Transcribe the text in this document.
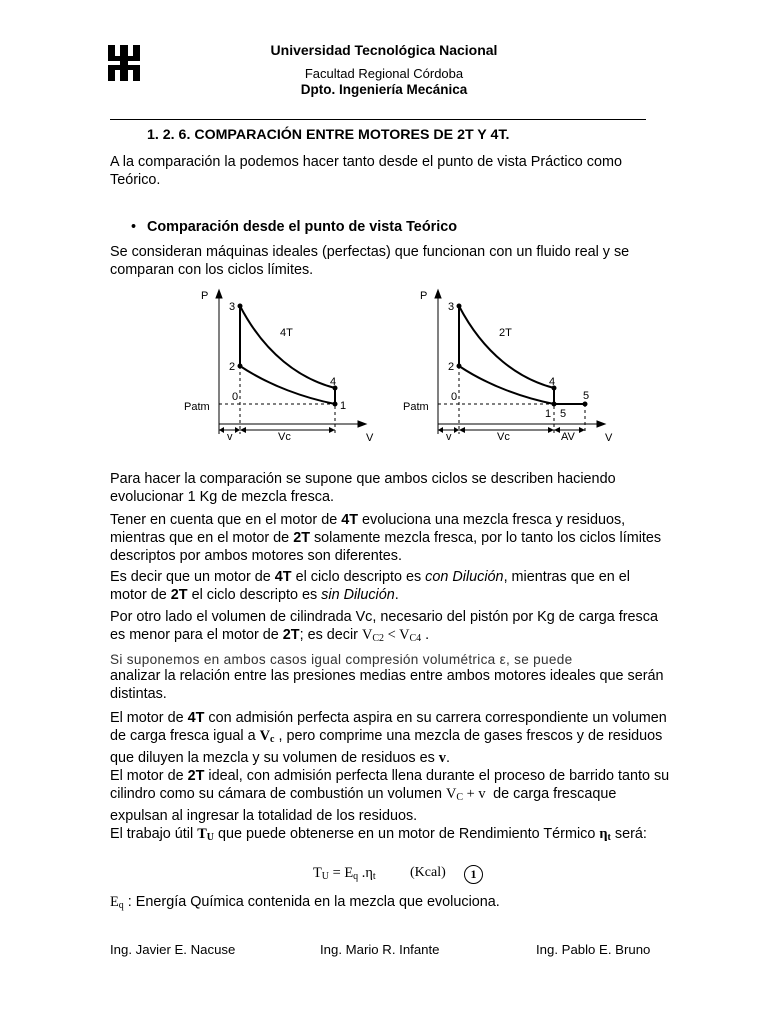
Universidad Tecnológica Nacional
Facultad Regional Córdoba
Dpto. Ingeniería Mecánica
1. 2. 6. COMPARACIÓN ENTRE MOTORES DE 2T Y 4T.
A la comparación la podemos hacer tanto desde el punto de vista Práctico como Teórico.
• Comparación desde el punto de vista Teórico
Se consideran máquinas ideales (perfectas) que funcionan con un fluido real y se comparan con los ciclos límites.
P
V
Patm
4T
3
2
0
4
1
v	Vc
P
V
Patm
2T
3
2
0
4
5
1 5
v	Vc	AV
Para hacer la comparación se supone que ambos ciclos se describen haciendo evolucionar 1 Kg de mezcla fresca.
Tener en cuenta que en el motor de 4T evoluciona una mezcla fresca y residuos, mientras que en el motor de 2T solamente mezcla fresca, por lo tanto los ciclos límites descriptos por ambos motores son diferentes.
Es decir que un motor de 4T el ciclo descripto es con Dilución, mientras que en el motor de 2T el ciclo descripto es sin Dilución.
Por otro lado el volumen de cilindrada Vc, necesario del pistón por Kg de carga fresca es menor para el motor de 2T; es decir $V_{C2} < V_{C4}$ .
Si suponemos en ambos casos igual compresión volumétrica ε, se puede
analizar la relación entre las presiones medias entre ambos motores ideales que serán distintas.
El motor de 4T con admisión perfecta aspira en su carrera correspondiente un volumen de carga fresca igual a $V_c$ , pero comprime una mezcla de gases frescos y de residuos que diluyen la mezcla y su volumen de residuos es v.
El motor de 2T ideal, con admisión perfecta llena durante el proceso de barrido tanto su cilindro como su cámara de combustión un volumen $V_C + v$  de carga frescaque expulsan al ingresar la totalidad de los residuos.
El trabajo útil $T_U$ que puede obtenerse en un motor de Rendimiento Térmico $\eta_t$ será:
$T_U = E_q$ $.\eta_t$ (Kcal)	1
$E_q$ : Energía Química contenida en la mezcla que evoluciona.
Ing. Javier E. Nacuse	Ing. Mario R. Infante	Ing. Pablo E. Bruno
